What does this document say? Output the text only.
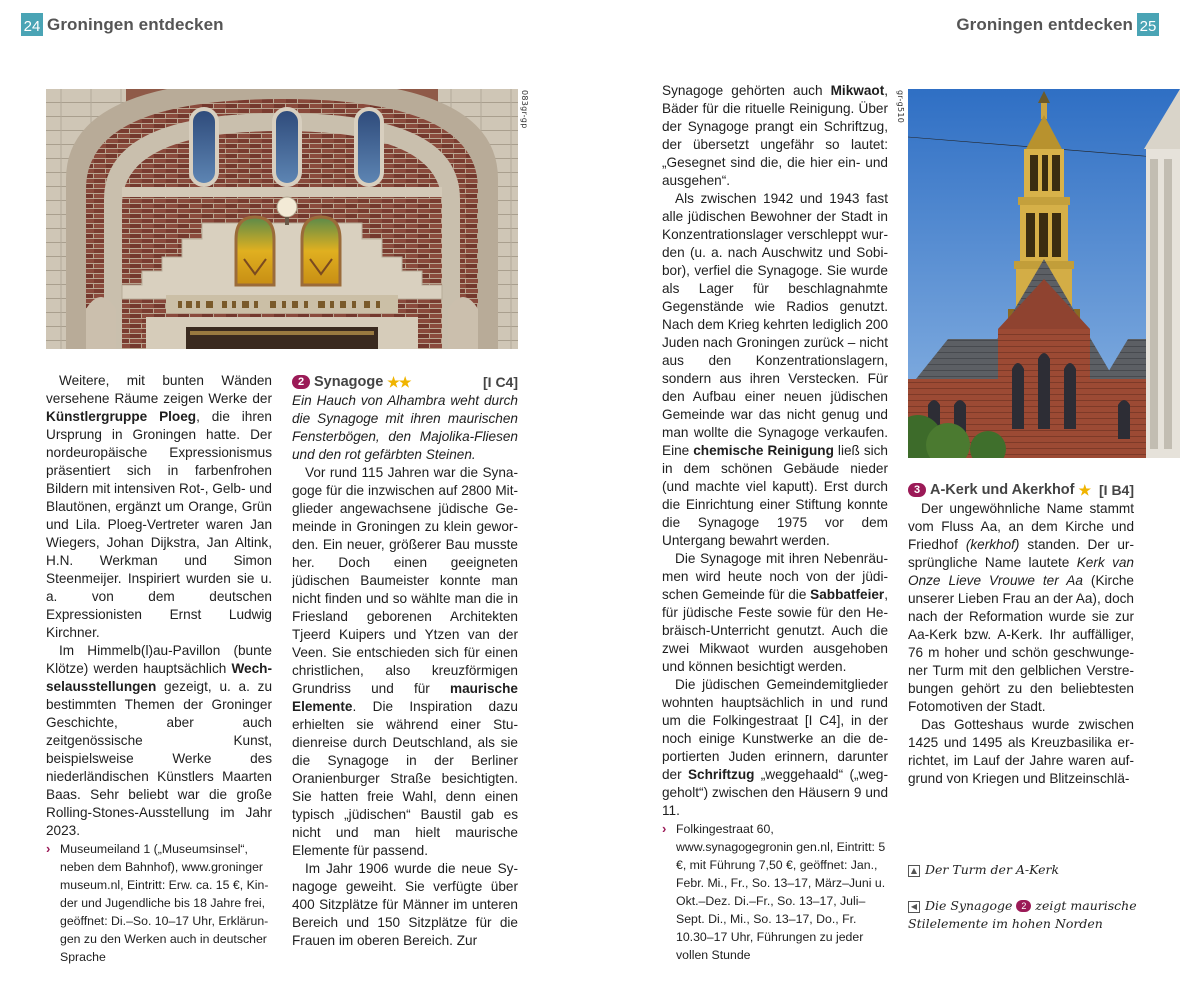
24 Groningen entdecken	Groningen entdecken 25
083gr-gp

Weitere, mit bunten Wänden versehene Räume zeigen Werke der Künstlergruppe Ploeg, die ihren Ursprung in Groningen hatte. Der nordeuropäische Expressionismus präsentiert sich in farbenfrohen Bildern mit intensiven Rot-, Gelb- und Blautönen, ergänzt um Orange, Grün und Lila. Ploeg-Vertreter waren Jan Wiegers, Johan Dijkstra, Jan Altink, H.N. Werkman und Simon Steenmeijer. Inspiriert wurden sie u. a. von dem deutschen Expressionisten Ernst Ludwig Kirchner.

Im Himmelb(l)au-Pavillon (bunte Klötze) werden hauptsächlich Wechselausstellungen gezeigt, u. a. zu bestimmten Themen der Groninger Geschichte, aber auch zeitgenössische Kunst, beispielsweise Werke des niederländischen Künstlers Maarten Baas. Sehr beliebt war die große Rolling-Stones-Ausstellung im Jahr 2023.

› Museumeiland 1 („Museumsinsel“, neben dem Bahnhof), www.groninger museum.nl, Eintritt: Erw. ca. 15 €, Kinder und Jugendliche bis 18 Jahre frei, geöffnet: Di.–So. 10–17 Uhr, Erklärungen zu den Werken auch in deutscher Sprache
2 Synagoge ★★	[I C4]

Ein Hauch von Alhambra weht durch die Synagoge mit ihren maurischen Fensterbögen, den Majolika-Fliesen und den rot gefärbten Steinen.

Vor rund 115 Jahren war die Synagoge für die inzwischen auf 2800 Mitglieder angewachsene jüdische Gemeinde in Groningen zu klein geworden. Ein neuer, größerer Bau musste her. Doch einen geeigneten jüdischen Baumeister konnte man nicht finden und so wählte man die in Friesland geborenen Architekten Tjeerd Kuipers und Ytzen van der Veen. Sie entschieden sich für einen christlichen, also kreuzförmigen Grundriss und für maurische Elemente. Die Inspiration dazu erhielten sie während einer Studienreise durch Deutschland, als sie die Synagoge in der Berliner Oranienburger Straße besichtigten. Sie hatten freie Wahl, denn einen typisch „jüdischen“ Baustil gab es nicht und man hielt maurische Elemente für passend.

Im Jahr 1906 wurde die neue Synagoge geweiht. Sie verfügte über 400 Sitzplätze für Männer im unteren Bereich und 150 Sitzplätze für die Frauen im oberen Bereich. Zur

Synagoge gehörten auch Mikwaot, Bäder für die rituelle Reinigung. Über der Synagoge prangt ein Schriftzug, der übersetzt ungefähr so lautet: „Gesegnet sind die, die hier ein- und ausgehen“.

Als zwischen 1942 und 1943 fast alle jüdischen Bewohner der Stadt in Konzentrationslager verschleppt wurden (u. a. nach Auschwitz und Sobibor), verfiel die Synagoge. Sie wurde als Lager für beschlagnahmte Gegenstände wie Radios genutzt. Nach dem Krieg kehrten lediglich 200 Juden nach Groningen zurück – nicht aus den Konzentrationslagern, sondern aus ihren Verstecken. Für den Aufbau einer neuen jüdischen Gemeinde war das nicht genug und man wollte die Synagoge verkaufen. Eine chemische Reinigung ließ sich in dem schönen Gebäude nieder (und machte viel kaputt). Erst durch die Einrichtung einer Stiftung konnte die Synagoge 1975 vor dem Untergang bewahrt werden.

Die Synagoge mit ihren Nebenräumen wird heute noch von der jüdischen Gemeinde für die Sabbatfeier, für jüdische Feste sowie für den Hebräisch-Unterricht genutzt. Auch die zwei Mikwaot wurden ausgehoben und können besichtigt werden.

Die jüdischen Gemeindemitglieder wohnten hauptsächlich in und rund um die Folkingestraat [I C4], in der noch einige Kunstwerke an die deportierten Juden erinnern, darunter der Schriftzug „weggehaald“ („weggeholt“) zwischen den Häusern 9 und 11.

› Folkingestraat 60, www.synagogegronin gen.nl, Eintritt: 5 €, mit Führung 7,50 €, geöffnet: Jan., Febr. Mi., Fr., So. 13–17, März–Juni u. Okt.–Dez. Di.–Fr., So. 13–17, Juli–Sept. Di., Mi., So. 13–17, Do., Fr. 10.30–17 Uhr, Führungen zu jeder vollen Stunde
gr-g510
3 A-Kerk und Akerkhof ★ [I B4]

Der ungewöhnliche Name stammt vom Fluss Aa, an dem Kirche und Friedhof (kerkhof) standen. Der ursprüngliche Name lautete Kerk van Onze Lieve Vrouwe ter Aa (Kirche unserer Lieben Frau an der Aa), doch nach der Reformation wurde sie zur Aa-Kerk bzw. A-Kerk. Ihr auffälliger, 76 m hoher und schön geschwungener Turm mit den gelblichen Verstrebungen gehört zu den beliebtesten Fotomotiven der Stadt.

Das Gotteshaus wurde zwischen 1425 und 1495 als Kreuzbasilika errichtet, im Lauf der Jahre waren aufgrund von Kriegen und Blitzeinschlä-

▲ Der Turm der A-Kerk
◀ Die Synagoge 2 zeigt maurische Stilelemente im hohen Norden
